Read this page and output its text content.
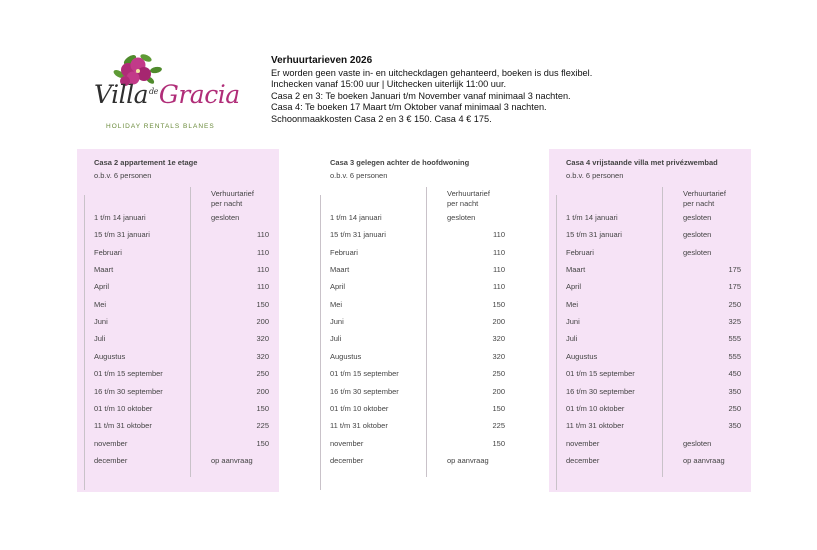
Villa$^{de}$Gracia
HOLIDAY RENTALS BLANES
Verhuurtarieven 2026
Er worden geen vaste in- en uitcheckdagen gehanteerd, boeken is dus flexibel.
Inchecken vanaf 15:00 uur | Uitchecken uiterlijk 11:00 uur.
Casa 2 en 3: Te boeken Januari t/m November vanaf minimaal 3 nachten.
Casa 4: Te boeken 17 Maart t/m Oktober vanaf minimaal 3 nachten.
Schoonmaakkosten Casa 2 en 3 € 150. Casa 4 € 175.
Casa 2 appartement 1e etage
o.b.v. 6 personen
Verhuurtarief
per nacht
1 t/m 14 januari	gesloten
15 t/m 31 januari	110
Februari	110
Maart	110
April	110
Mei	150
Juni	200
Juli	320
Augustus	320
01 t/m 15 september	250
16 t/m 30 september	200
01 t/m 10 oktober	150
11 t/m 31 oktober	225
november	150
december	op aanvraag
Casa 3 gelegen achter de hoofdwoning
o.b.v. 6 personen
Verhuurtarief
per nacht
1 t/m 14 januari	gesloten
15 t/m 31 januari	110
Februari	110
Maart	110
April	110
Mei	150
Juni	200
Juli	320
Augustus	320
01 t/m 15 september	250
16 t/m 30 september	200
01 t/m 10 oktober	150
11 t/m 31 oktober	225
november	150
december	op aanvraag
Casa 4 vrijstaande villa met privézwembad
o.b.v. 6 personen
Verhuurtarief
per nacht
1 t/m 14 januari	gesloten
15 t/m 31 januari	gesloten
Februari	gesloten
Maart	175
April	175
Mei	250
Juni	325
Juli	555
Augustus	555
01 t/m 15 september	450
16 t/m 30 september	350
01 t/m 10 oktober	250
11 t/m 31 oktober	350
november	gesloten
december	op aanvraag
